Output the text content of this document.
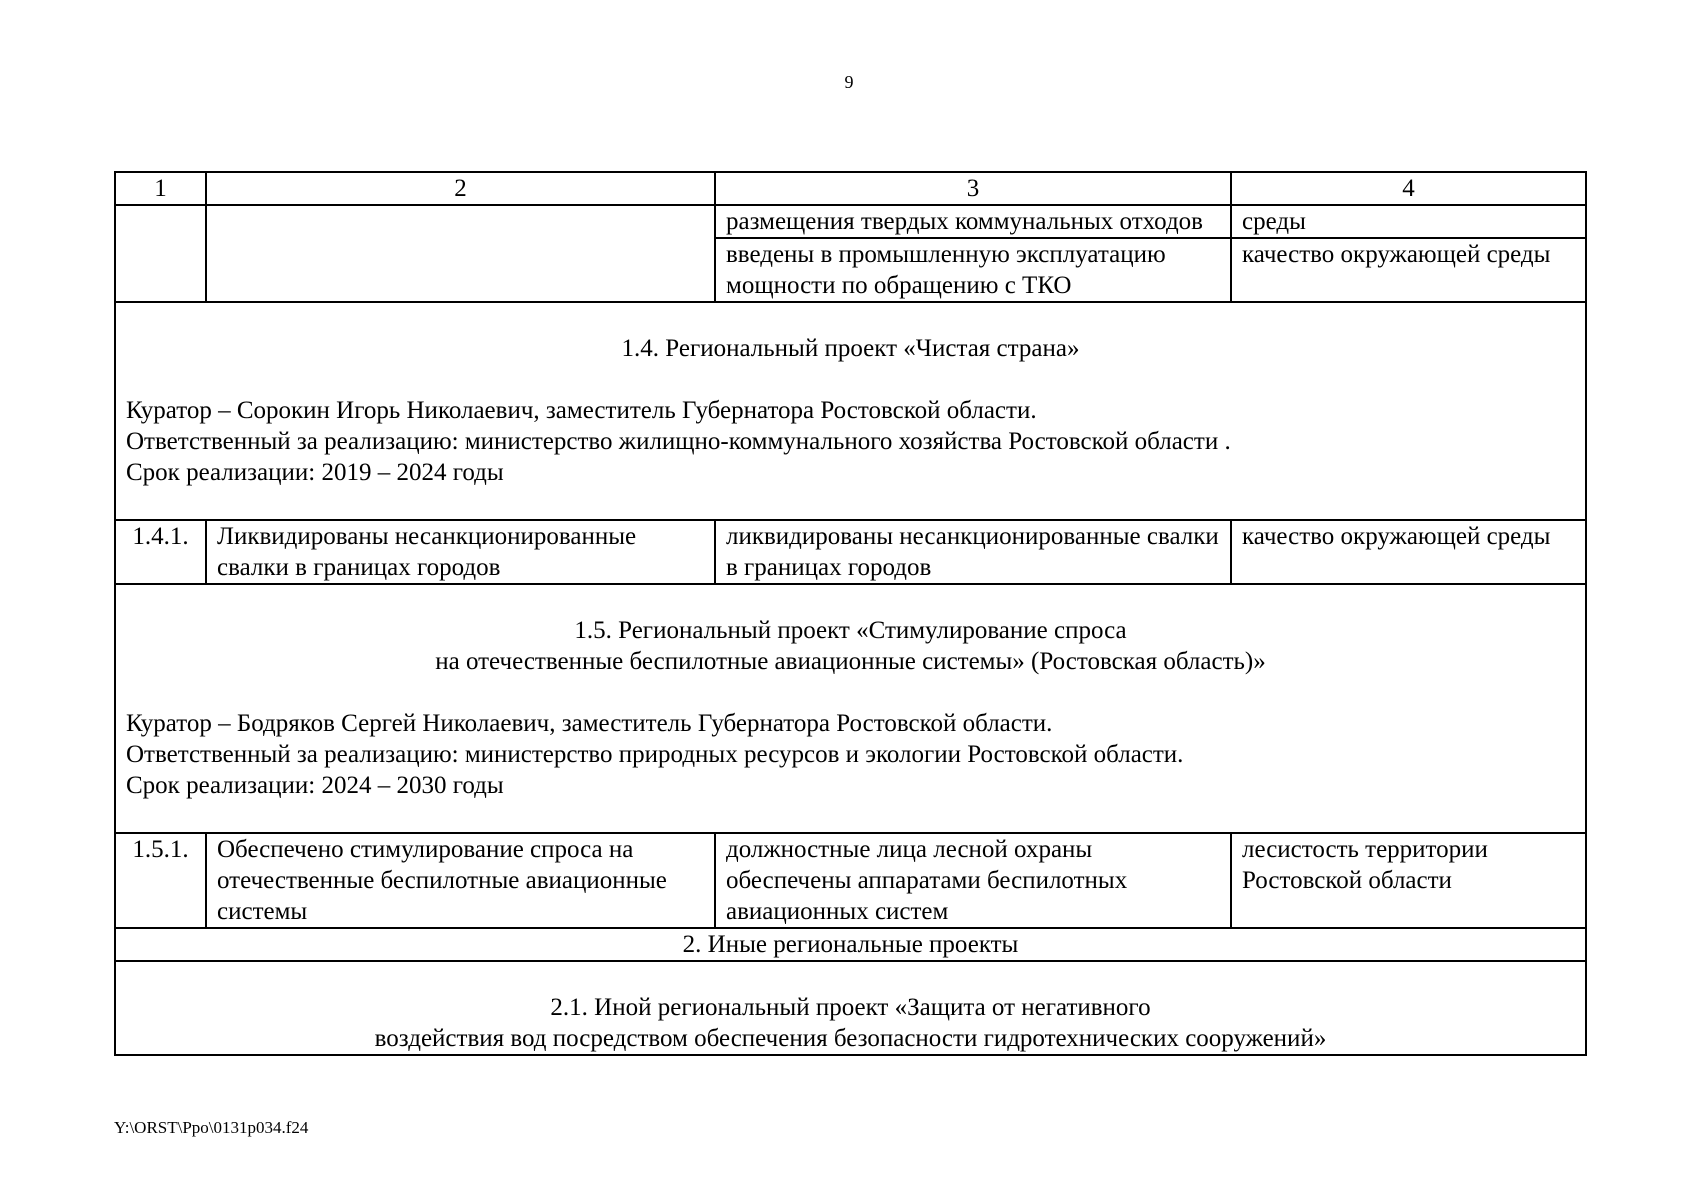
9
1	2	3	4
		размещения твердых коммунальных отходов	среды
		введены в промышленную эксплуатацию мощности по обращению с ТКО	качество окружающей среды

1.4. Региональный проект «Чистая страна»
Куратор – Сорокин Игорь Николаевич, заместитель Губернатора Ростовской области.
Ответственный за реализацию: министерство жилищно-коммунального хозяйства Ростовской области .
Срок реализации: 2019 – 2024 годы			

1.4.1.	Ликвидированы несанкционированные свалки в границах городов	ликвидированы несанкционированные свалки в границах городов	качество окружающей среды

1.5. Региональный проект «Стимулирование спроса
на отечественные беспилотные авиационные системы» (Ростовская область)»
Куратор – Бодряков Сергей Николаевич, заместитель Губернатора Ростовской области.
Ответственный за реализацию: министерство природных ресурсов и экологии Ростовской области.
Срок реализации: 2024 – 2030 годы			

1.5.1.	Обеспечено стимулирование спроса на отечественные беспилотные авиационные системы	должностные лица лесной охраны обеспечены аппаратами беспилотных авиационных систем	лесистость территории Ростовской области
2. Иные региональные проекты			

2.1. Иной региональный проект «Защита от негативного
воздействия вод посредством обеспечения безопасности гидротехнических сооружений»			
Y:\ORST\Ppo\0131p034.f24
